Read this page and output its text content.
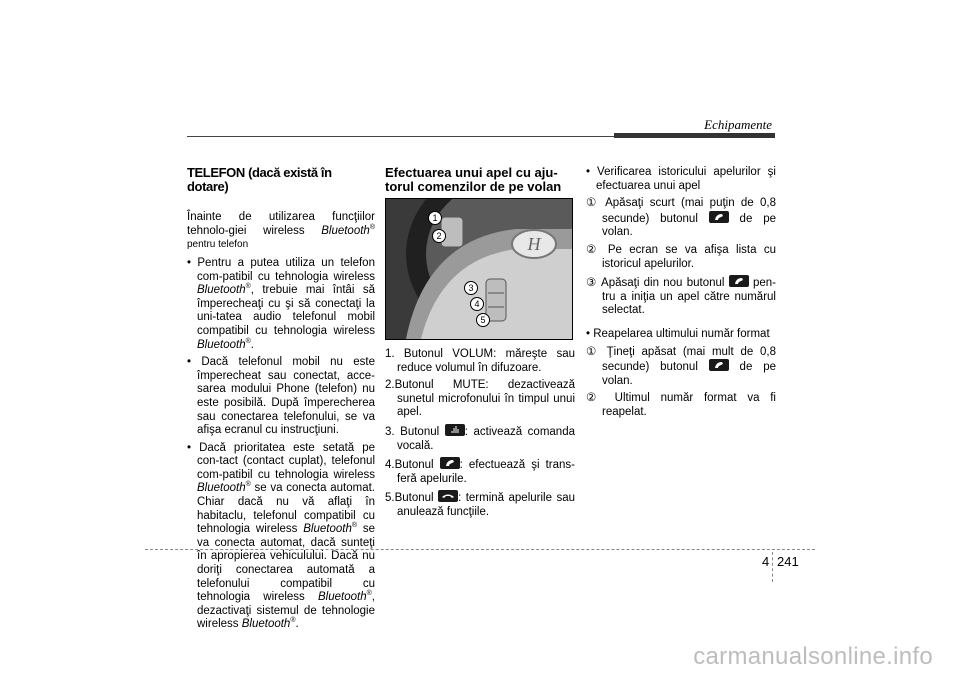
Echipamente
TELEFON (dacă există în dotare)

Înainte de utilizarea funcţiilor tehnolo-giei wireless Bluetooth® pentru telefon

• Pentru a putea utiliza un telefon com-patibil cu tehnologia wireless Bluetooth®, trebuie mai întâi să împerecheaţi cu şi să conectaţi la uni-tatea audio telefonul mobil compatibil cu tehnologia wireless Bluetooth®.
• Dacă telefonul mobil nu este împerecheat sau conectat, acce-sarea modului Phone (telefon) nu este posibilă. După împerecherea sau conectarea telefonului, se va afişa ecranul cu instrucţiuni.
• Dacă prioritatea este setată pe con-tact (contact cuplat), telefonul com-patibil cu tehnologia wireless Bluetooth® se va conecta automat. Chiar dacă nu vă aflaţi în habitaclu, telefonul compatibil cu tehnologia wireless Bluetooth® se va conecta automat, dacă sunteţi în apropierea vehiculului. Dacă nu doriţi conectarea automată a telefonului compatibil cu tehnologia wireless Bluetooth®, dezactivaţi sistemul de tehnologie wireless Bluetooth®.
Efectuarea unui apel cu aju-torul comenzilor de pe volan
H
1
2
3
4
5
1. Butonul VOLUM: măreşte sau reduce volumul în difuzoare.
2.Butonul MUTE: dezactivează sunetul microfonului în timpul unui apel.
3. Butonul
: activează comanda vocală.
4.Butonul
: efectuează şi trans-feră apelurile.
5.Butonul
: termină apelurile sau anulează funcţiile.
• Verificarea istoricului apelurilor şi efectuarea unui apel
① Apăsaţi scurt (mai puţin de 0,8 secunde) butonul
de pe volan.
② Pe ecran se va afişa lista cu istoricul apelurilor.
③ Apăsaţi din nou butonul
pen-tru a iniţia un apel către numărul selectat.
• Reapelarea ultimului număr format
① Ţineţi apăsat (mai mult de 0,8 secunde) butonul
de pe volan.
② Ultimul număr format va fi reapelat.
4 241
carmanualsonline.info
